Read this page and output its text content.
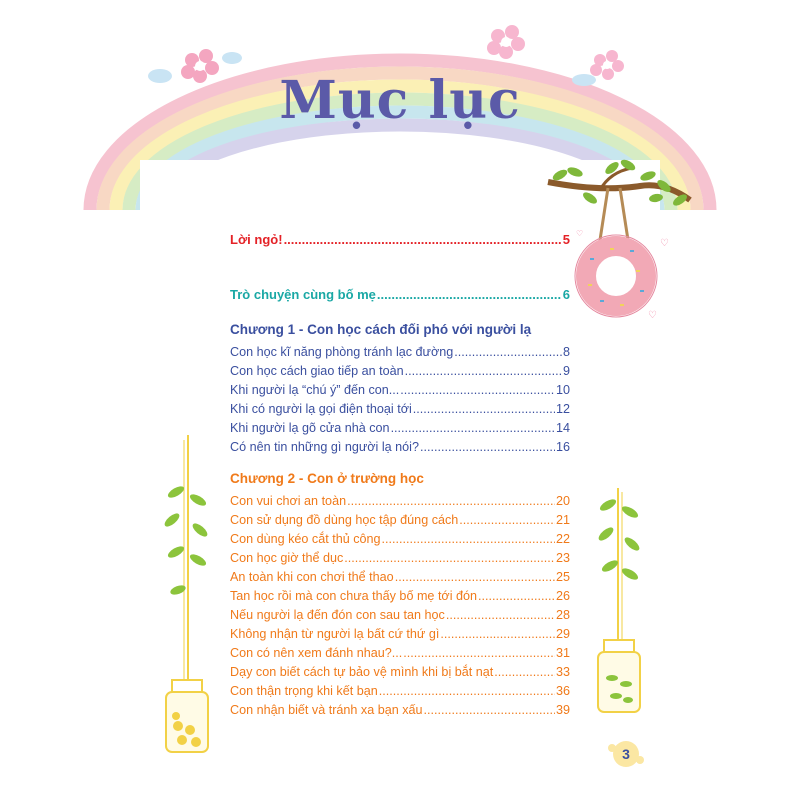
♡
♡
♡
Mục lục
Lời ngỏ! .....	5
Trò chuyện cùng bố mẹ .....	6
Chương 1 - Con học cách đối phó với người lạ
Con học kĩ năng phòng tránh lạc đường .....	8
Con học cách giao tiếp an toàn .....	9
Khi người lạ “chú ý” đến con... .....	10
Khi có người lạ gọi điện thoại tới .....	12
Khi người lạ gõ cửa nhà con .....	14
Có nên tin những gì người lạ nói? .....	16
Chương 2 - Con ở trường học
Con vui chơi an toàn .....	20
Con sử dụng đồ dùng học tập đúng cách .....	21
Con dùng kéo cắt thủ công .....	22
Con học giờ thể dục .....	23
An toàn khi con chơi thể thao .....	25
Tan học rồi mà con chưa thấy bố mẹ tới đón .....	26
Nếu người lạ đến đón con sau tan học .....	28
Không nhận từ người lạ bất cứ thứ gì .....	29
Con có nên xem đánh nhau?... .....	31
Dạy con biết cách tự bảo vệ mình khi bị bắt nạt .....	33
Con thận trọng khi kết bạn .....	36
Con nhận biết và tránh xa bạn xấu .....	39
3
